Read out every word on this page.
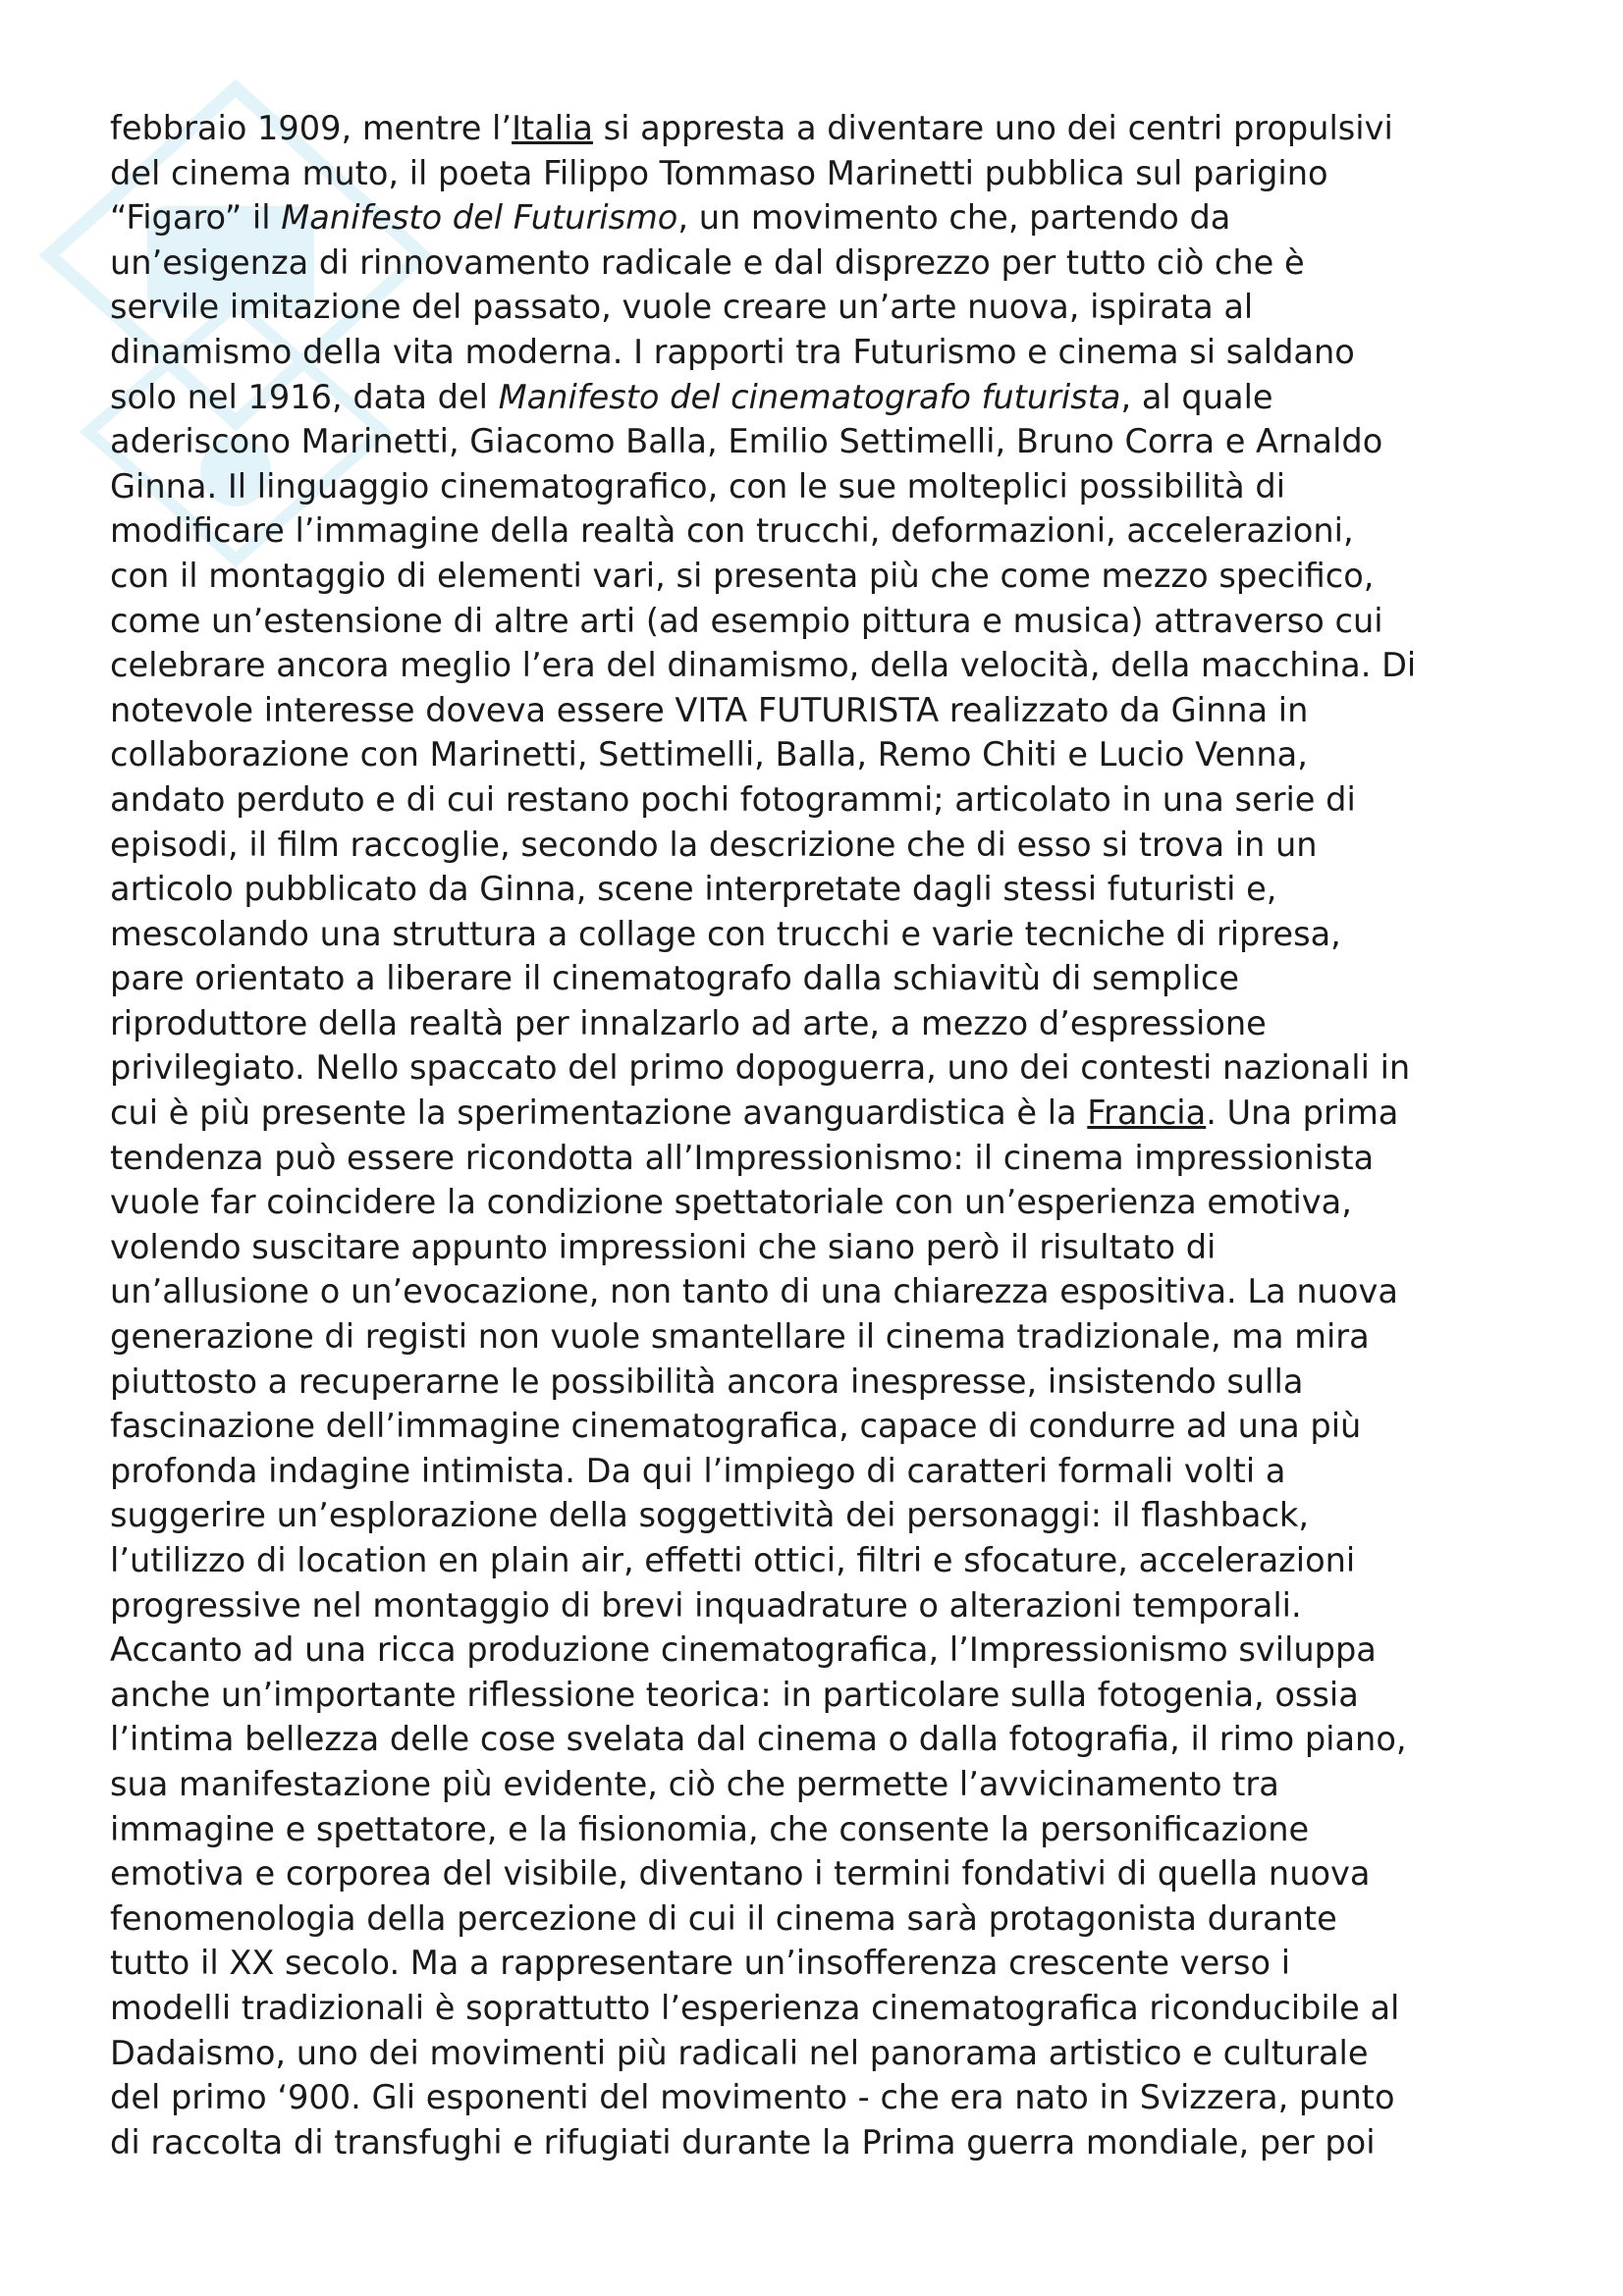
febbraio 1909, mentre l’Italia si appresta a diventare uno dei centri propulsivi
del cinema muto, il poeta Filippo Tommaso Marinetti pubblica sul parigino
“Figaro” il Manifesto del Futurismo, un movimento che, partendo da
un’esigenza di rinnovamento radicale e dal disprezzo per tutto ciò che è
servile imitazione del passato, vuole creare un’arte nuova, ispirata al
dinamismo della vita moderna. I rapporti tra Futurismo e cinema si saldano
solo nel 1916, data del Manifesto del cinematografo futurista, al quale
aderiscono Marinetti, Giacomo Balla, Emilio Settimelli, Bruno Corra e Arnaldo
Ginna. Il linguaggio cinematografico, con le sue molteplici possibilità di
modificare l’immagine della realtà con trucchi, deformazioni, accelerazioni,
con il montaggio di elementi vari, si presenta più che come mezzo specifico,
come un’estensione di altre arti (ad esempio pittura e musica) attraverso cui
celebrare ancora meglio l’era del dinamismo, della velocità, della macchina. Di
notevole interesse doveva essere VITA FUTURISTA realizzato da Ginna in
collaborazione con Marinetti, Settimelli, Balla, Remo Chiti e Lucio Venna,
andato perduto e di cui restano pochi fotogrammi; articolato in una serie di
episodi, il film raccoglie, secondo la descrizione che di esso si trova in un
articolo pubblicato da Ginna, scene interpretate dagli stessi futuristi e,
mescolando una struttura a collage con trucchi e varie tecniche di ripresa,
pare orientato a liberare il cinematografo dalla schiavitù di semplice
riproduttore della realtà per innalzarlo ad arte, a mezzo d’espressione
privilegiato. Nello spaccato del primo dopoguerra, uno dei contesti nazionali in
cui è più presente la sperimentazione avanguardistica è la Francia. Una prima
tendenza può essere ricondotta all’Impressionismo: il cinema impressionista
vuole far coincidere la condizione spettatoriale con un’esperienza emotiva,
volendo suscitare appunto impressioni che siano però il risultato di
un’allusione o un’evocazione, non tanto di una chiarezza espositiva. La nuova
generazione di registi non vuole smantellare il cinema tradizionale, ma mira
piuttosto a recuperarne le possibilità ancora inespresse, insistendo sulla
fascinazione dell’immagine cinematografica, capace di condurre ad una più
profonda indagine intimista. Da qui l’impiego di caratteri formali volti a
suggerire un’esplorazione della soggettività dei personaggi: il flashback,
l’utilizzo di location en plain air, effetti ottici, filtri e sfocature, accelerazioni
progressive nel montaggio di brevi inquadrature o alterazioni temporali.
Accanto ad una ricca produzione cinematografica, l’Impressionismo sviluppa
anche un’importante riflessione teorica: in particolare sulla fotogenia, ossia
l’intima bellezza delle cose svelata dal cinema o dalla fotografia, il rimo piano,
sua manifestazione più evidente, ciò che permette l’avvicinamento tra
immagine e spettatore, e la fisionomia, che consente la personificazione
emotiva e corporea del visibile, diventano i termini fondativi di quella nuova
fenomenologia della percezione di cui il cinema sarà protagonista durante
tutto il XX secolo. Ma a rappresentare un’insofferenza crescente verso i
modelli tradizionali è soprattutto l’esperienza cinematografica riconducibile al
Dadaismo, uno dei movimenti più radicali nel panorama artistico e culturale
del primo ‘900. Gli esponenti del movimento - che era nato in Svizzera, punto
di raccolta di transfughi e rifugiati durante la Prima guerra mondiale, per poi
